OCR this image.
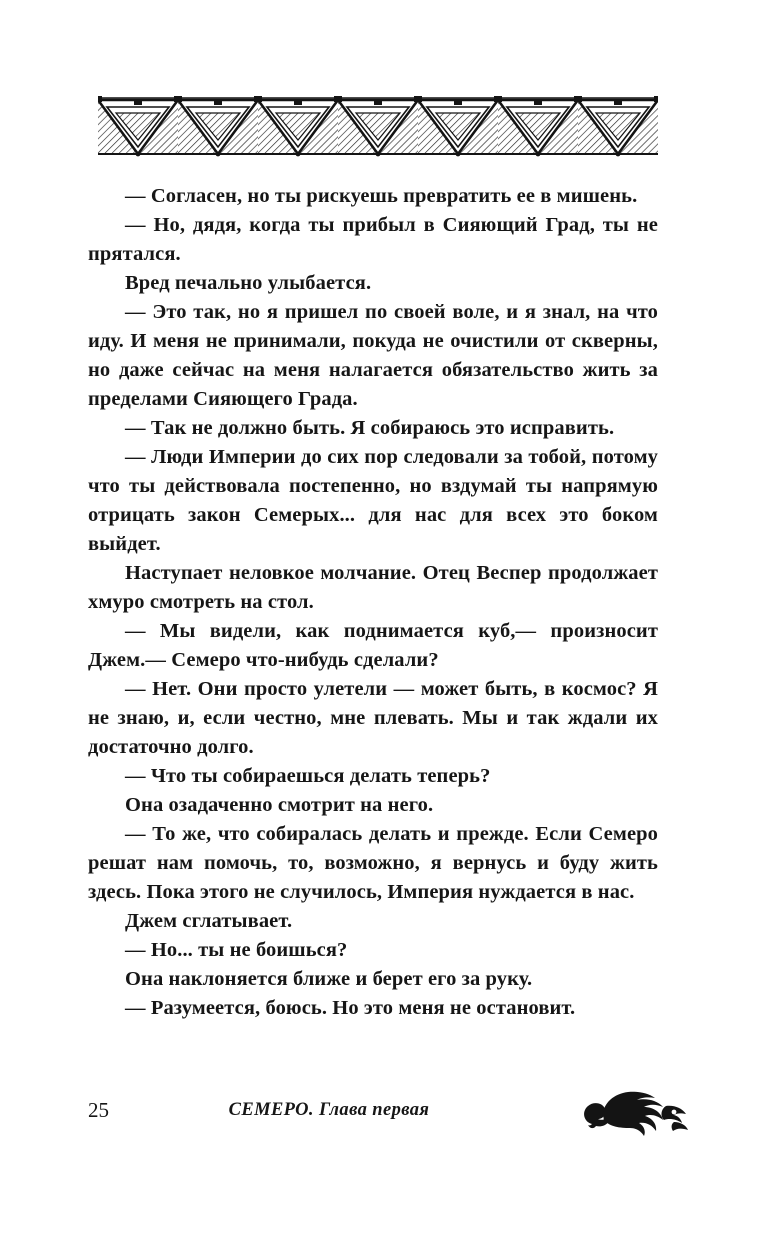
— Согласен, но ты рискуешь превратить ее в мишень.

— Но, дядя, когда ты прибыл в Сияющий Град, ты не прятался.

Вред печально улыбается.

— Это так, но я пришел по своей воле, и я знал, на что иду. И меня не принимали, покуда не очистили от скверны, но даже сейчас на меня налагается обязательство жить за пределами Сияющего Града.

— Так не должно быть. Я собираюсь это исправить.

— Люди Империи до сих пор следовали за тобой, потому что ты действовала постепенно, но вздумай ты напрямую отрицать закон Семерых... для нас для всех это боком выйдет.

Наступает неловкое молчание. Отец Веспер продолжает хмуро смотреть на стол.

— Мы видели, как поднимается куб,— произносит Джем.— Семеро что-нибудь сделали?

— Нет. Они просто улетели — может быть, в космос? Я не знаю, и, если честно, мне плевать. Мы и так ждали их достаточно долго.

— Что ты собираешься делать теперь?

Она озадаченно смотрит на него.

— То же, что собиралась делать и прежде. Если Семеро решат нам помочь, то, возможно, я вернусь и буду жить здесь. Пока этого не случилось, Империя нуждается в нас.

Джем сглатывает.

— Но... ты не боишься?

Она наклоняется ближе и берет его за руку.

— Разумеется, боюсь. Но это меня не остановит.

25	СЕМЕРО. Глава первая
